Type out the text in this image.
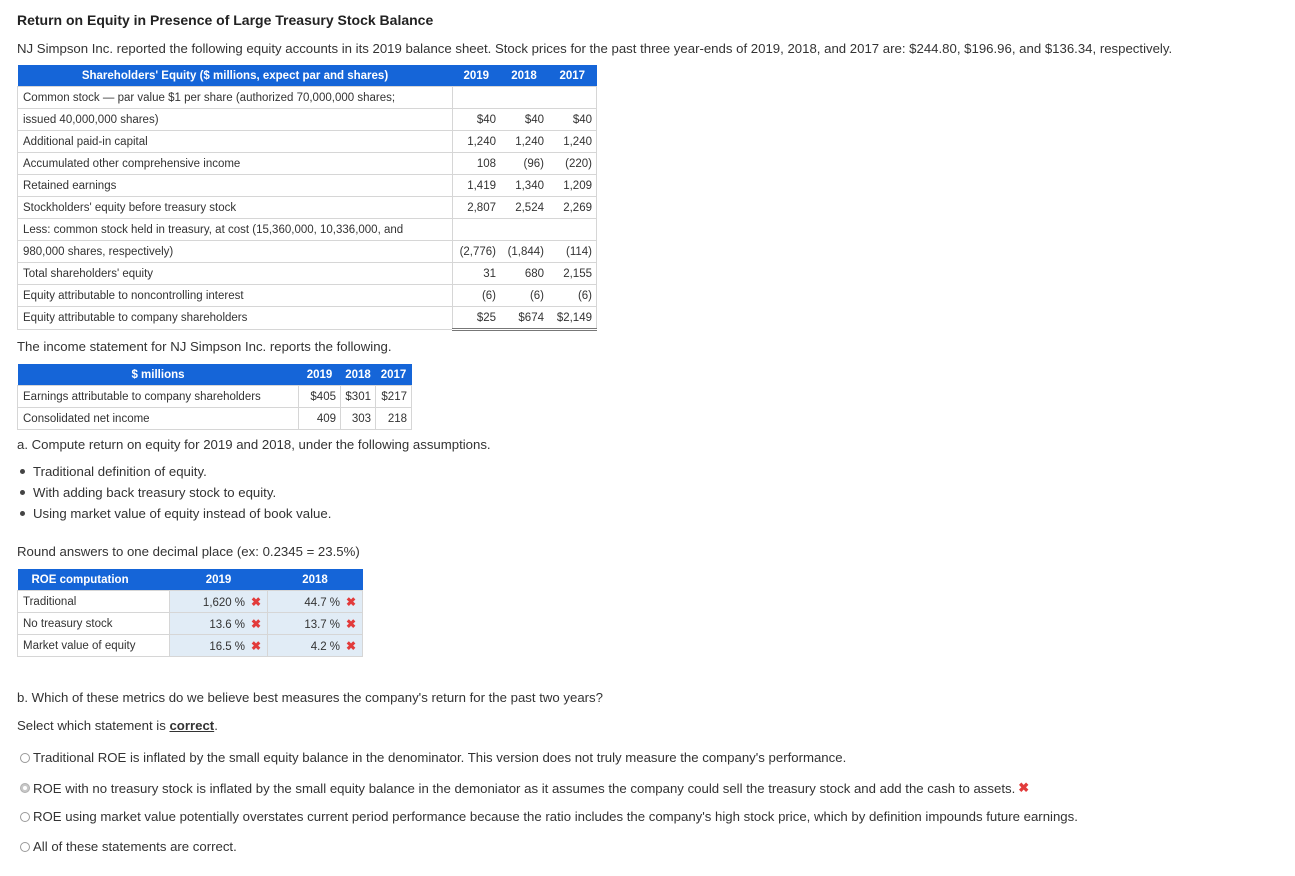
Return on Equity in Presence of Large Treasury Stock Balance
NJ Simpson Inc. reported the following equity accounts in its 2019 balance sheet. Stock prices for the past three year-ends of 2019, 2018, and 2017 are: $244.80, $196.96, and $136.34, respectively.
Shareholders' Equity ($ millions, expect par and shares)	2019	2018	2017
Common stock — par value $1 per share (authorized 70,000,000 shares;			
issued 40,000,000 shares)	$40	$40	$40
Additional paid-in capital	1,240	1,240	1,240
Accumulated other comprehensive income	108	(96)	(220)
Retained earnings	1,419	1,340	1,209
Stockholders' equity before treasury stock	2,807	2,524	2,269
Less: common stock held in treasury, at cost (15,360,000, 10,336,000, and			
980,000 shares, respectively)	(2,776)	(1,844)	(114)
Total shareholders' equity	31	680	2,155
Equity attributable to noncontrolling interest	(6)	(6)	(6)
Equity attributable to company shareholders	$25	$674	$2,149
The income statement for NJ Simpson Inc. reports the following.
$ millions	2019	2018	2017
Earnings attributable to company shareholders	$405	$301	$217
Consolidated net income	409	303	218
a. Compute return on equity for 2019 and 2018, under the following assumptions.
Traditional definition of equity.
With adding back treasury stock to equity.
Using market value of equity instead of book value.
Round answers to one decimal place (ex: 0.2345 = 23.5%)
ROE computation	2019	2018
Traditional	1,620 % ✖	44.7 % ✖
No treasury stock	13.6 % ✖	13.7 % ✖
Market value of equity	16.5 % ✖	4.2 % ✖
b. Which of these metrics do we believe best measures the company's return for the past two years?
Select which statement is correct.
Traditional ROE is inflated by the small equity balance in the denominator. This version does not truly measure the company's performance.
ROE with no treasury stock is inflated by the small equity balance in the demoniator as it assumes the company could sell the treasury stock and add the cash to assets. ✖
ROE using market value potentially overstates current period performance because the ratio includes the company's high stock price, which by definition impounds future earnings.
All of these statements are correct.
